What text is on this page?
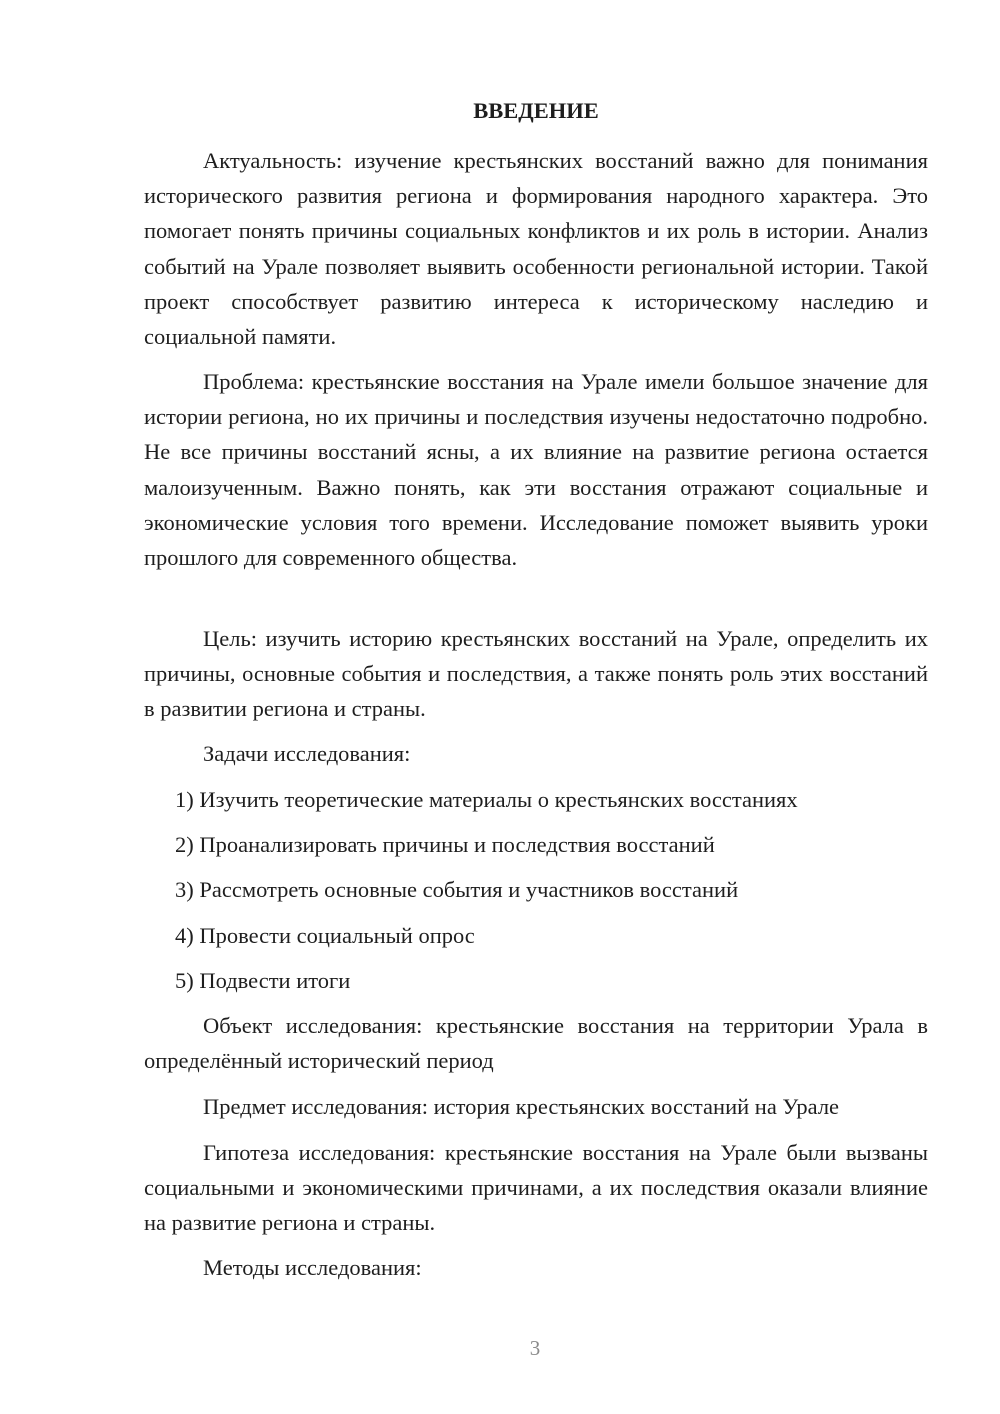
ВВЕДЕНИЕ

Актуальность: изучение крестьянских восстаний важно для понимания исторического развития региона и формирования народного характера. Это помогает понять причины социальных конфликтов и их роль в истории. Анализ событий на Урале позволяет выявить особенности региональной истории. Такой проект способствует развитию интереса к историческому наследию и социальной памяти.

Проблема: крестьянские восстания на Урале имели большое значение для истории региона, но их причины и последствия изучены недостаточно подробно. Не все причины восстаний ясны, а их влияние на развитие региона остается малоизученным. Важно понять, как эти восстания отражают социальные и экономические условия того времени. Исследование поможет выявить уроки прошлого для современного общества.

Цель: изучить историю крестьянских восстаний на Урале, определить их причины, основные события и последствия, а также понять роль этих восстаний в развитии региона и страны.

Задачи исследования:

1) Изучить теоретические материалы о крестьянских восстаниях

2) Проанализировать причины и последствия восстаний

3) Рассмотреть основные события и участников восстаний

4) Провести социальный опрос

5) Подвести итоги

Объект исследования: крестьянские восстания на территории Урала в определённый исторический период

Предмет исследования: история крестьянских восстаний на Урале

Гипотеза исследования: крестьянские восстания на Урале были вызваны социальными и экономическими причинами, а их последствия оказали влияние на развитие региона и страны.

Методы исследования:

3
